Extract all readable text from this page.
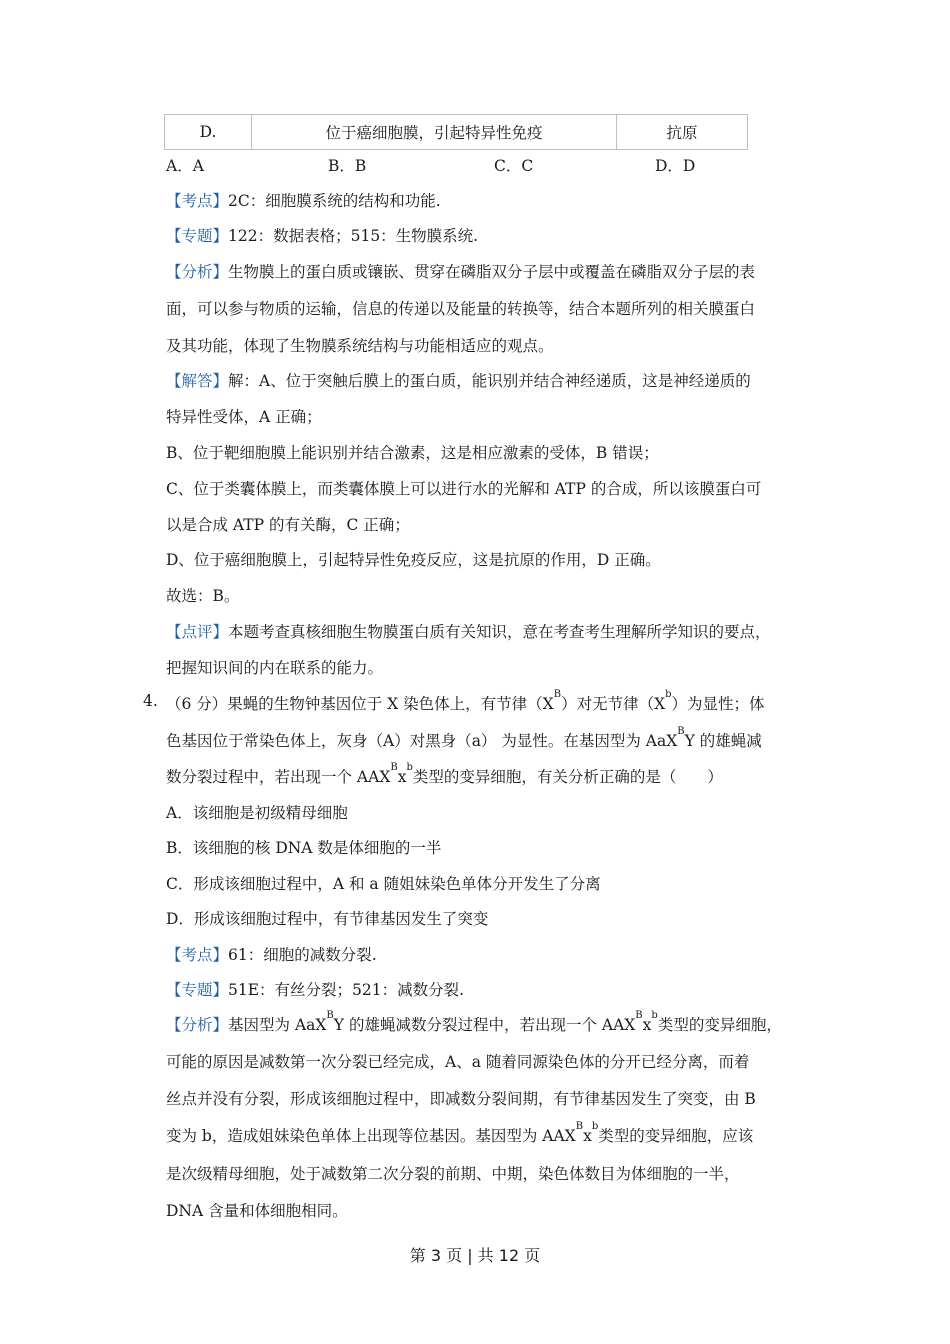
D.	位于癌细胞膜，引起特异性免疫	抗原
A．A	B．B	C．C	D．D
【考点】2C：细胞膜系统的结构和功能.
【专题】122：数据表格；515：生物膜系统.
【分析】生物膜上的蛋白质或镶嵌、贯穿在磷脂双分子层中或覆盖在磷脂双分子层的表
面，可以参与物质的运输，信息的传递以及能量的转换等，结合本题所列的相关膜蛋白
及其功能，体现了生物膜系统结构与功能相适应的观点。
【解答】解：A、位于突触后膜上的蛋白质，能识别并结合神经递质，这是神经递质的
特异性受体，A 正确；
B、位于靶细胞膜上能识别并结合激素，这是相应激素的受体，B 错误；
C、位于类囊体膜上，而类囊体膜上可以进行水的光解和 ATP 的合成，所以该膜蛋白可
以是合成 ATP 的有关酶，C 正确；
D、位于癌细胞膜上，引起特异性免疫反应，这是抗原的作用，D 正确。
故选：B。
【点评】本题考查真核细胞生物膜蛋白质有关知识，意在考查考生理解所学知识的要点，
把握知识间的内在联系的能力。
4. （6 分）果蝇的生物钟基因位于 X 染色体上，有节律$(X^B)$对无节律$(X^b)$为显性；体
色基因位于常染色体上，灰身（A）对黑身（a） 为显性。在基因型为 AaX$^B$Y 的雄蝇减
数分裂过程中，若出现一个 $AAX^Bx^b$类型的变异细胞，有关分析正确的是（　　）
A．该细胞是初级精母细胞
B．该细胞的核 DNA 数是体细胞的一半
C．形成该细胞过程中，A 和 a 随姐妹染色单体分开发生了分离
D．形成该细胞过程中，有节律基因发生了突变
【考点】61：细胞的减数分裂.
【专题】51E：有丝分裂；521：减数分裂.
【分析】基因型为 AaX$^B$Y 的雄蝇减数分裂过程中，若出现一个 $AAX^Bx^b$类型的变异细胞，
可能的原因是减数第一次分裂已经完成，A、a 随着同源染色体的分开已经分离，而着
丝点并没有分裂，形成该细胞过程中，即减数分裂间期，有节律基因发生了突变，由 B
变为 b，造成姐妹染色单体上出现等位基因。基因型为 $AAX^Bx^b$类型的变异细胞，应该
是次级精母细胞，处于减数第二次分裂的前期、中期，染色体数目为体细胞的一半，
DNA 含量和体细胞相同。
第 3 页 | 共 12 页
